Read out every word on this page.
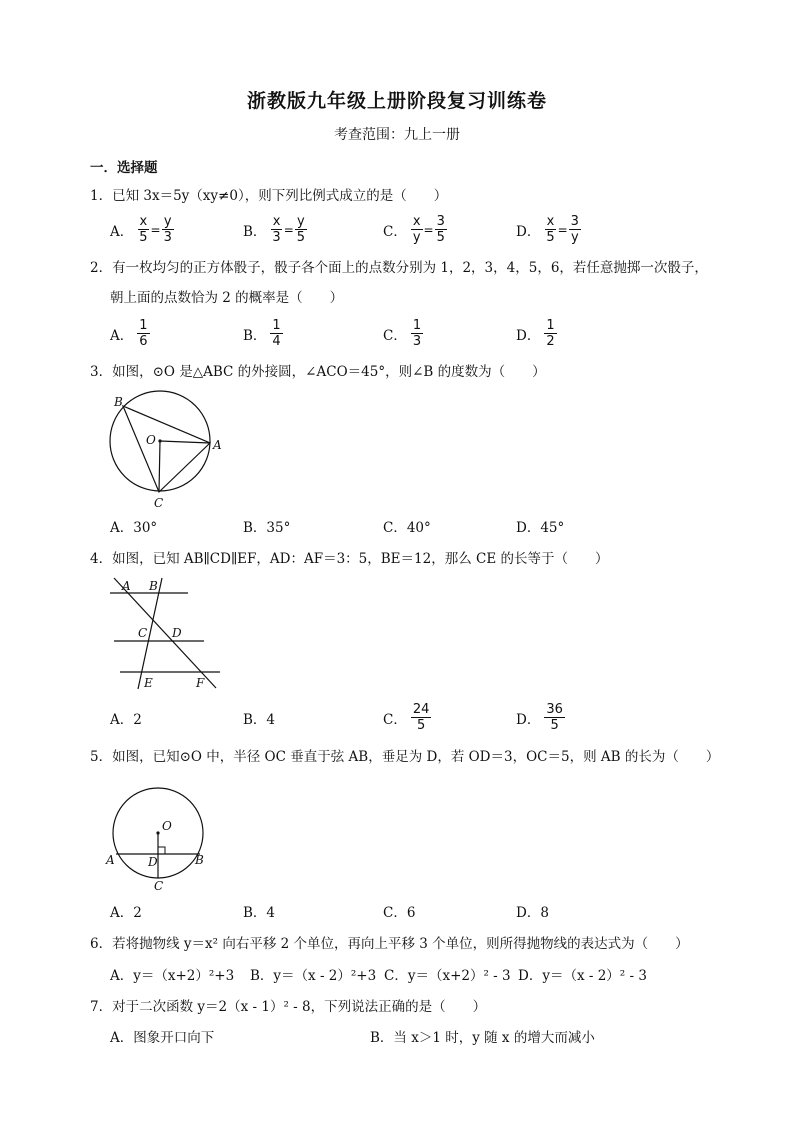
浙教版九年级上册阶段复习训练卷
考查范围：九上一册
一．选择题
1．已知 3x＝5y（xy≠0），则下列比例式成立的是（　　）
A． $\frac{x}{5} = \frac{y}{3}$	B． $\frac{x}{3} = \frac{y}{5}$	C． $\frac{x}{y} = \frac{3}{5}$	D． $\frac{x}{5} = \frac{3}{y}$
2．有一枚均匀的正方体骰子，骰子各个面上的点数分别为 1，2，3，4，5，6，若任意抛掷一次骰子，
朝上面的点数恰为 2 的概率是（　　）
A． $\frac{1}{6}$	B． $\frac{1}{4}$	C． $\frac{1}{3}$	D． $\frac{1}{2}$
3．如图，⊙O 是△ABC 的外接圆，∠ACO＝45°，则∠B 的度数为（　　）
B
O	A
C
A．30°	B．35°	C．40°	D．45°
4．如图，已知 AB∥CD∥EF，AD：AF＝3：5，BE＝12，那么 CE 的长等于（　　）
A B
C D
E	F
A．2	B．4	C． $\frac{24}{5}$	D． $\frac{36}{5}$
5．如图，已知⊙O 中，半径 OC 垂直于弦 AB，垂足为 D，若 OD＝3，OC＝5，则 AB 的长为（　　）
O
A	D	B
C
A．2	B．4	C．6	D．8
6．若将抛物线 y＝x² 向右平移 2 个单位，再向上平移 3 个单位，则所得抛物线的表达式为（　　）
A．y＝（x+2）²+3 B．y＝（x - 2）²+3 C．y＝（x+2）² - 3 D．y＝（x - 2）² - 3
7．对于二次函数 y＝2（x - 1）² - 8，下列说法正确的是（　　）
A．图象开口向下	B．当 x＞1 时，y 随 x 的增大而减小
